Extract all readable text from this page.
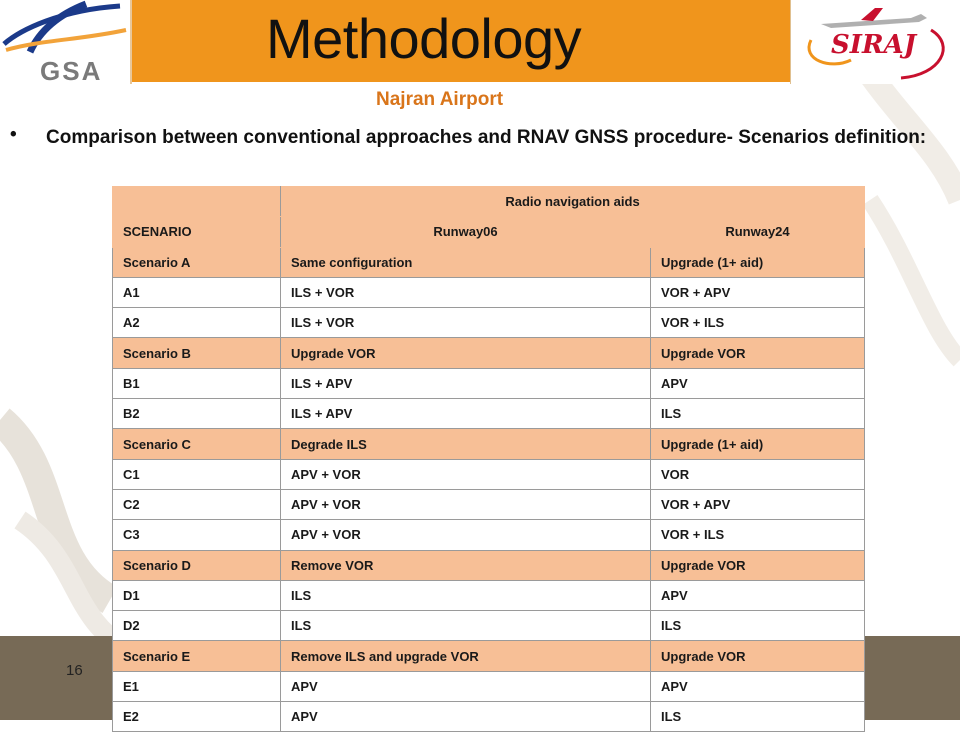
GSA
Methodology	SIRAJ
Najran Airport
• Comparison between conventional approaches and RNAV GNSS procedure- Scenarios definition:
	Radio navigation aids	
SCENARIO	Runway06	Runway24
Scenario A	Same configuration	Upgrade (1+ aid)
A1	ILS + VOR	VOR + APV
A2	ILS + VOR	VOR + ILS
Scenario B	Upgrade VOR	Upgrade VOR
B1	ILS + APV	APV
B2	ILS + APV	ILS
Scenario C	Degrade ILS	Upgrade (1+ aid)
C1	APV + VOR	VOR
C2	APV + VOR	VOR + APV
C3	APV + VOR	VOR + ILS
Scenario D	Remove VOR	Upgrade VOR
D1	ILS	APV
D2	ILS	ILS
Scenario E	Remove ILS and upgrade VOR	Upgrade VOR
E1	APV	APV
E2	APV	ILS
16
